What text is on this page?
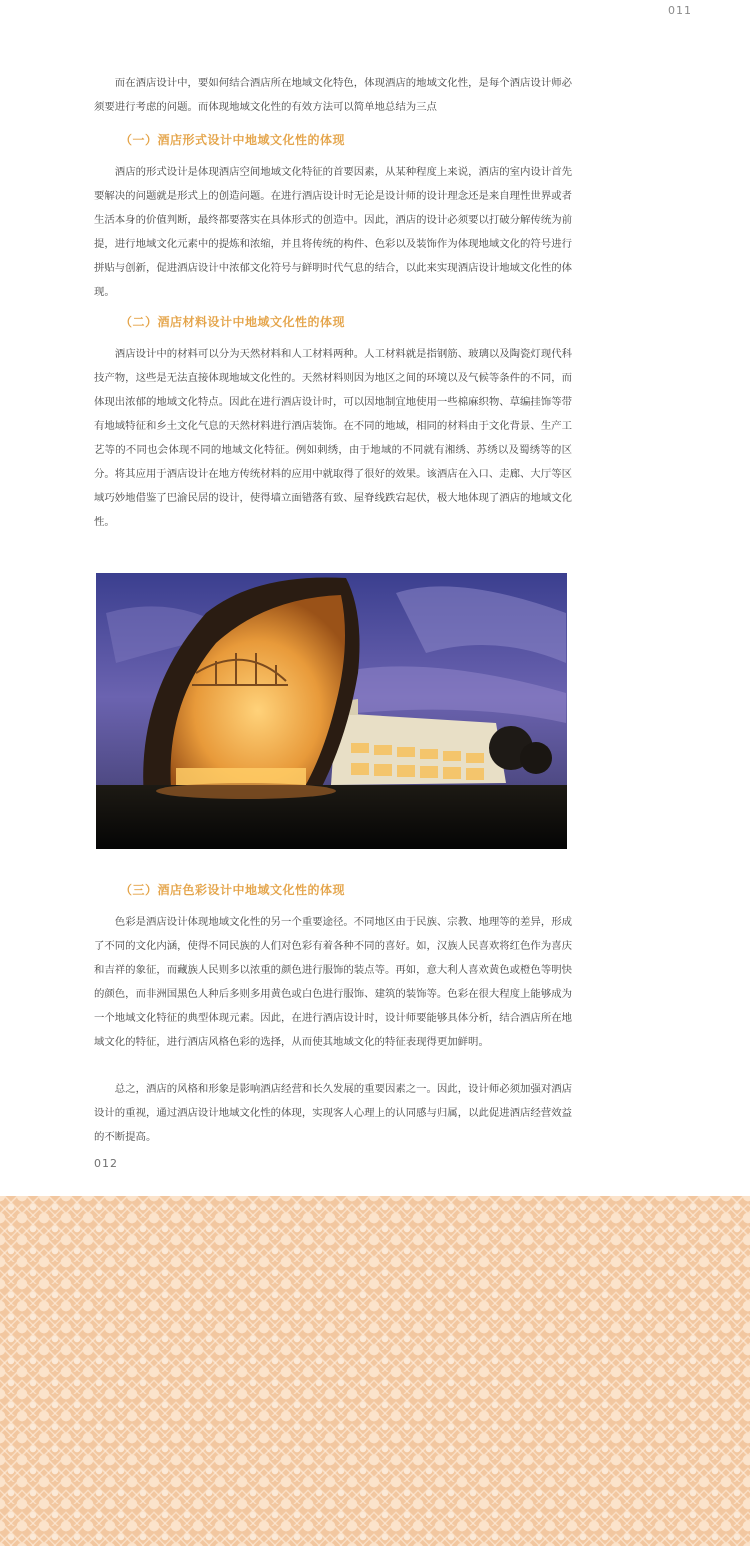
011

而在酒店设计中，要如何结合酒店所在地域文化特色，体现酒店的地域文化性，是每个酒店设计师必须要进行考虑的问题。而体现地域文化性的有效方法可以简单地总结为三点

（一）酒店形式设计中地域文化性的体现

酒店的形式设计是体现酒店空间地域文化特征的首要因素，从某种程度上来说，酒店的室内设计首先要解决的问题就是形式上的创造问题。在进行酒店设计时无论是设计师的设计理念还是来自理性世界或者生活本身的价值判断，最终都要落实在具体形式的创造中。因此，酒店的设计必须要以打破分解传统为前提，进行地域文化元素中的提炼和浓缩，并且将传统的构件、色彩以及装饰作为体现地域文化的符号进行拼贴与创新，促进酒店设计中浓郁文化符号与鲜明时代气息的结合，以此来实现酒店设计地域文化性的体现。

（二）酒店材料设计中地域文化性的体现

酒店设计中的材料可以分为天然材料和人工材料两种。人工材料就是指钢筋、玻璃以及陶瓷灯现代科技产物，这些是无法直接体现地域文化性的。天然材料则因为地区之间的环境以及气候等条件的不同，而体现出浓郁的地域文化特点。因此在进行酒店设计时，可以因地制宜地使用一些棉麻织物、草编挂饰等带有地域特征和乡土文化气息的天然材料进行酒店装饰。在不同的地域，相同的材料由于文化背景、生产工艺等的不同也会体现不同的地域文化特征。例如刺绣，由于地域的不同就有湘绣、苏绣以及蜀绣等的区分。将其应用于酒店设计在地方传统材料的应用中就取得了很好的效果。该酒店在入口、走廊、大厅等区域巧妙地借鉴了巴渝民居的设计，使得墙立面错落有致、屋脊线跌宕起伏，极大地体现了酒店的地域文化性。

（三）酒店色彩设计中地域文化性的体现

色彩是酒店设计体现地域文化性的另一个重要途径。不同地区由于民族、宗教、地理等的差异，形成了不同的文化内涵，使得不同民族的人们对色彩有着各种不同的喜好。如，汉族人民喜欢将红色作为喜庆和吉祥的象征，而藏族人民则多以浓重的颜色进行服饰的装点等。再如，意大利人喜欢黄色或橙色等明快的颜色，而非洲国黑色人种后多则多用黄色或白色进行服饰、建筑的装饰等。色彩在很大程度上能够成为一个地域文化特征的典型体现元素。因此，在进行酒店设计时，设计师要能够具体分析，结合酒店所在地域文化的特征，进行酒店风格色彩的选择，从而使其地域文化的特征表现得更加鲜明。

总之，酒店的风格和形象是影响酒店经营和长久发展的重要因素之一。因此，设计师必须加强对酒店设计的重视，通过酒店设计地域文化性的体现，实现客人心理上的认同感与归属，以此促进酒店经营效益的不断提高。

012
